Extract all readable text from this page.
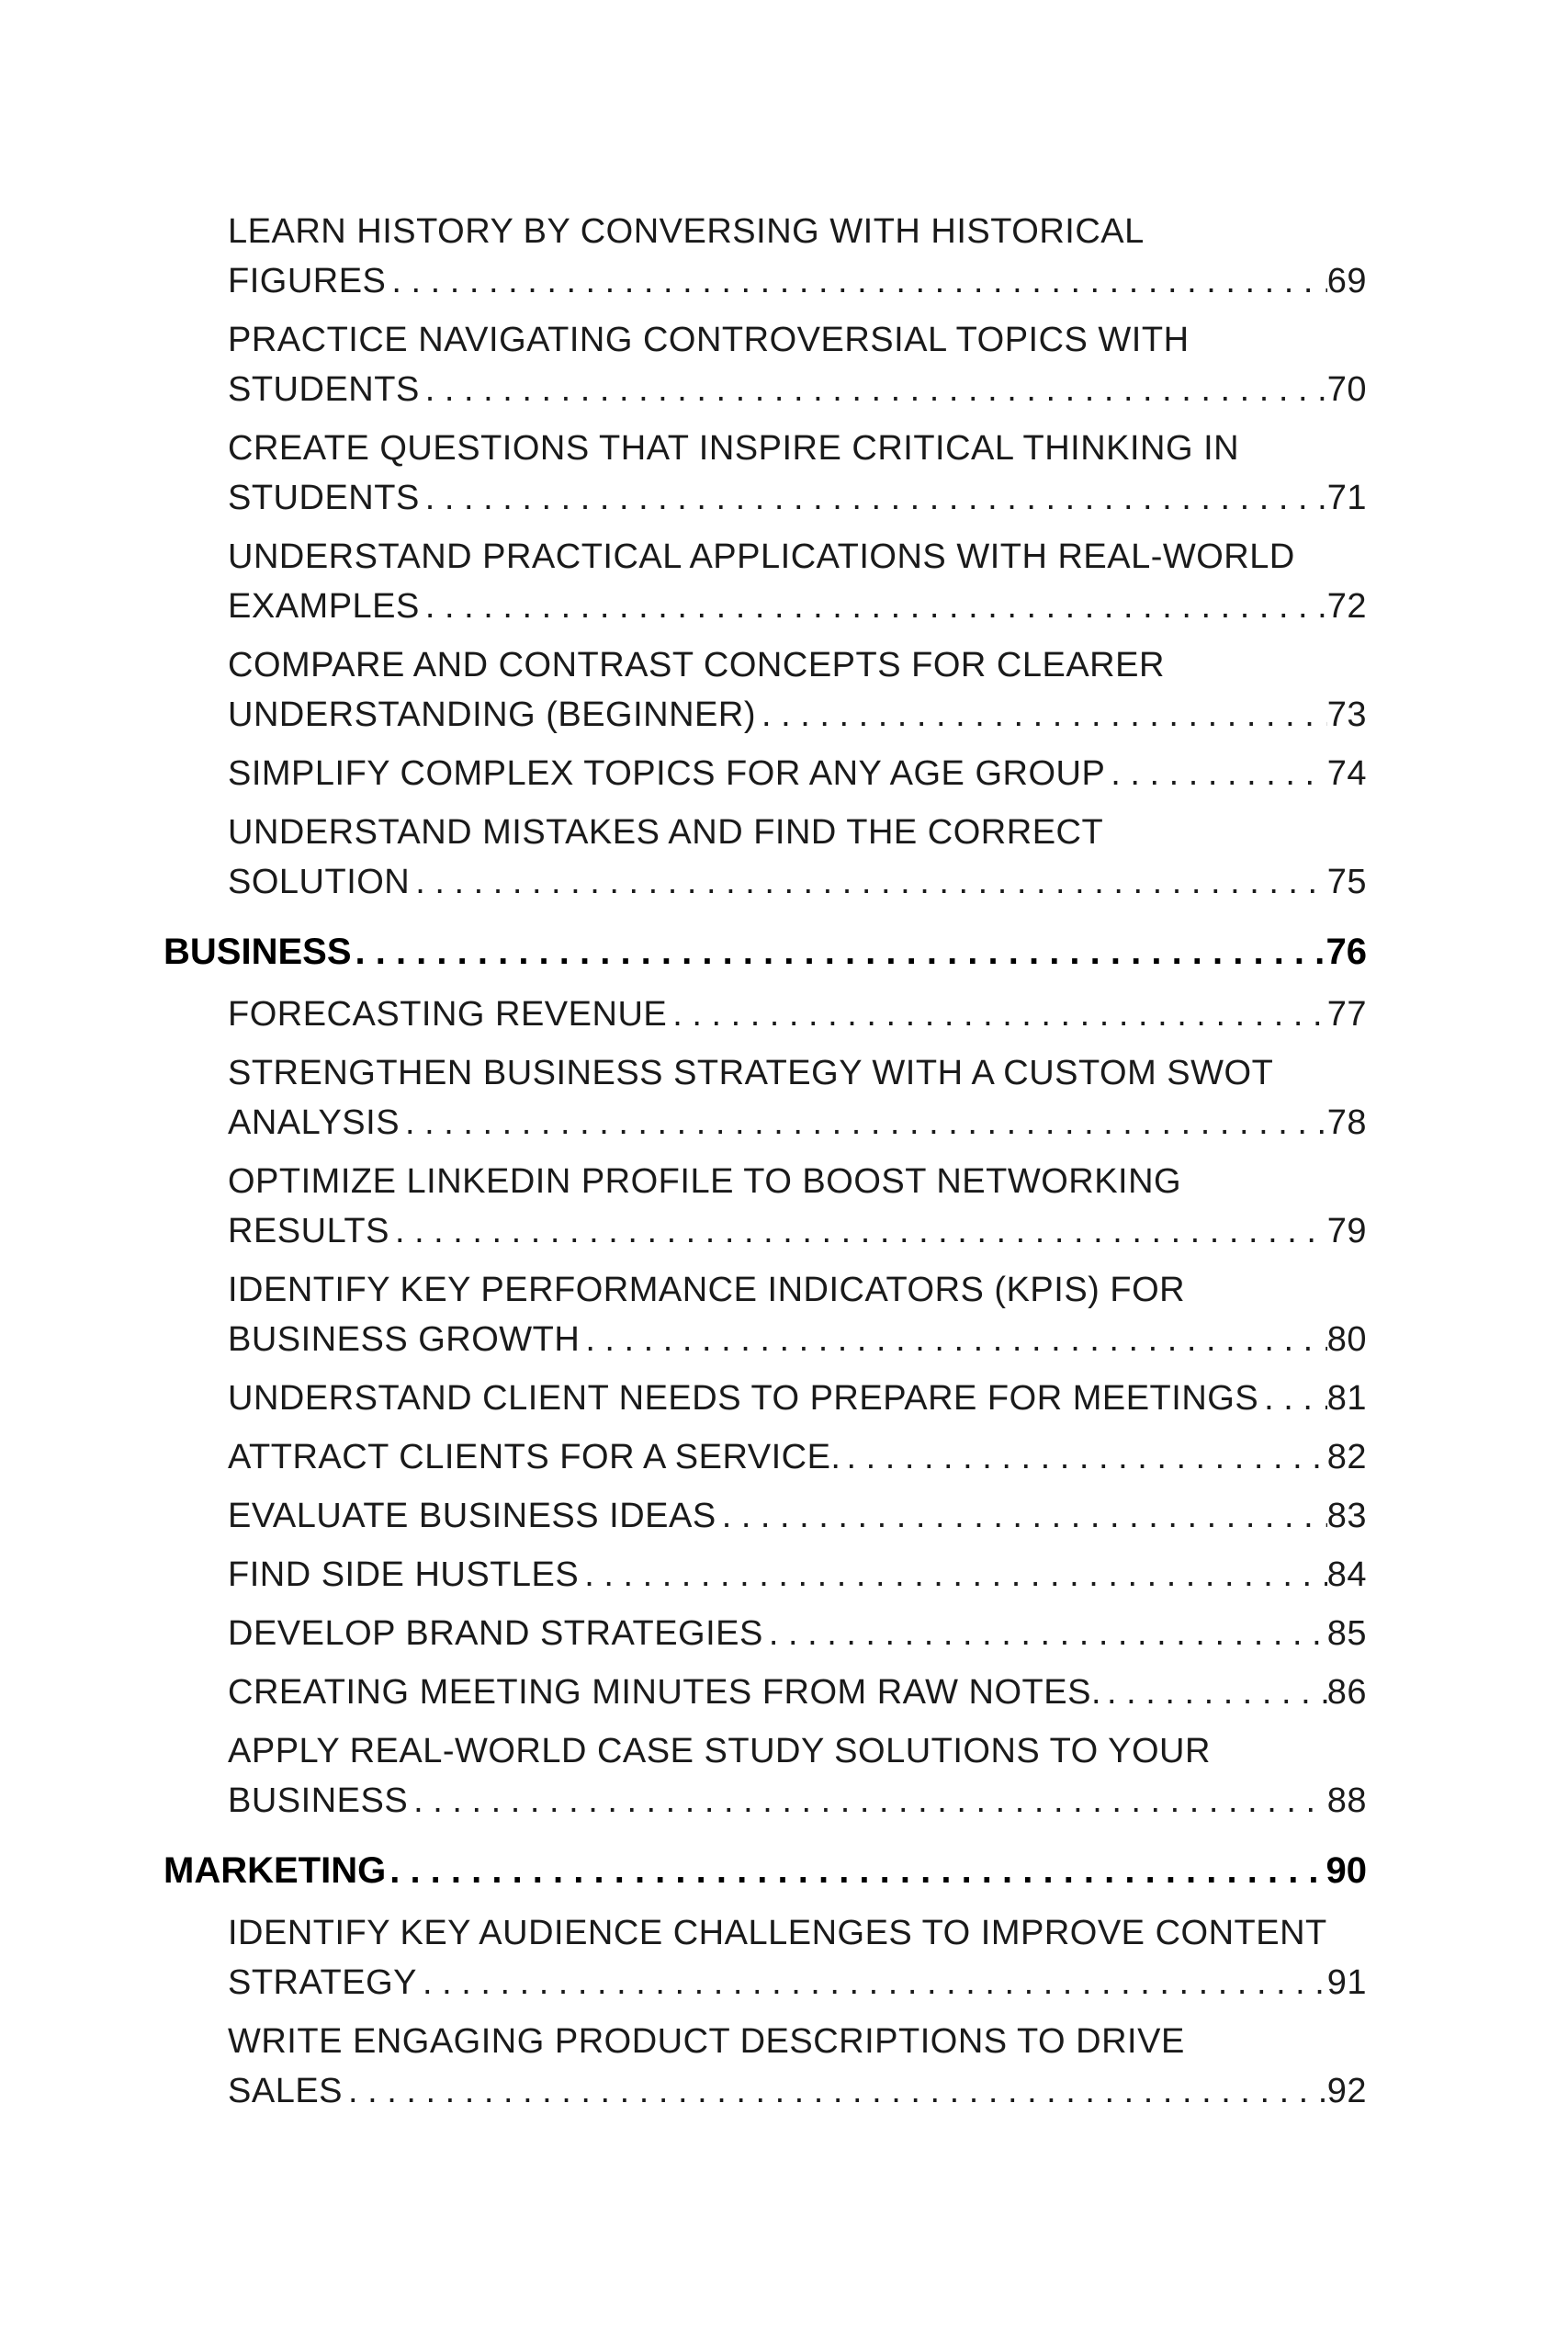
LEARN HISTORY BY CONVERSING WITH HISTORICAL
FIGURES . . .	69
PRACTICE NAVIGATING CONTROVERSIAL TOPICS WITH
STUDENTS . . .	70
CREATE QUESTIONS THAT INSPIRE CRITICAL THINKING IN
STUDENTS . . .	71
UNDERSTAND PRACTICAL APPLICATIONS WITH REAL-WORLD
EXAMPLES . . .	72
COMPARE AND CONTRAST CONCEPTS FOR CLEARER
UNDERSTANDING (BEGINNER) . . .	73
SIMPLIFY COMPLEX TOPICS FOR ANY AGE GROUP . . .	74
UNDERSTAND MISTAKES AND FIND THE CORRECT
SOLUTION . . .	75
BUSINESS . . .	76
FORECASTING REVENUE . . .	77
STRENGTHEN BUSINESS STRATEGY WITH A CUSTOM SWOT
ANALYSIS . . .	78
OPTIMIZE LINKEDIN PROFILE TO BOOST NETWORKING
RESULTS . . .	79
IDENTIFY KEY PERFORMANCE INDICATORS (KPIS) FOR
BUSINESS GROWTH . . .	80
UNDERSTAND CLIENT NEEDS TO PREPARE FOR MEETINGS . . . 81
ATTRACT CLIENTS FOR A SERVICE. . . .	82
EVALUATE BUSINESS IDEAS . . .	83
FIND SIDE HUSTLES . . .	84
DEVELOP BRAND STRATEGIES . . .	85
CREATING MEETING MINUTES FROM RAW NOTES. . . .	86
APPLY REAL-WORLD CASE STUDY SOLUTIONS TO YOUR
BUSINESS . . .	88
MARKETING . . .	90
IDENTIFY KEY AUDIENCE CHALLENGES TO IMPROVE CONTENT
STRATEGY . . .	91
WRITE ENGAGING PRODUCT DESCRIPTIONS TO DRIVE
SALES . . .	92
